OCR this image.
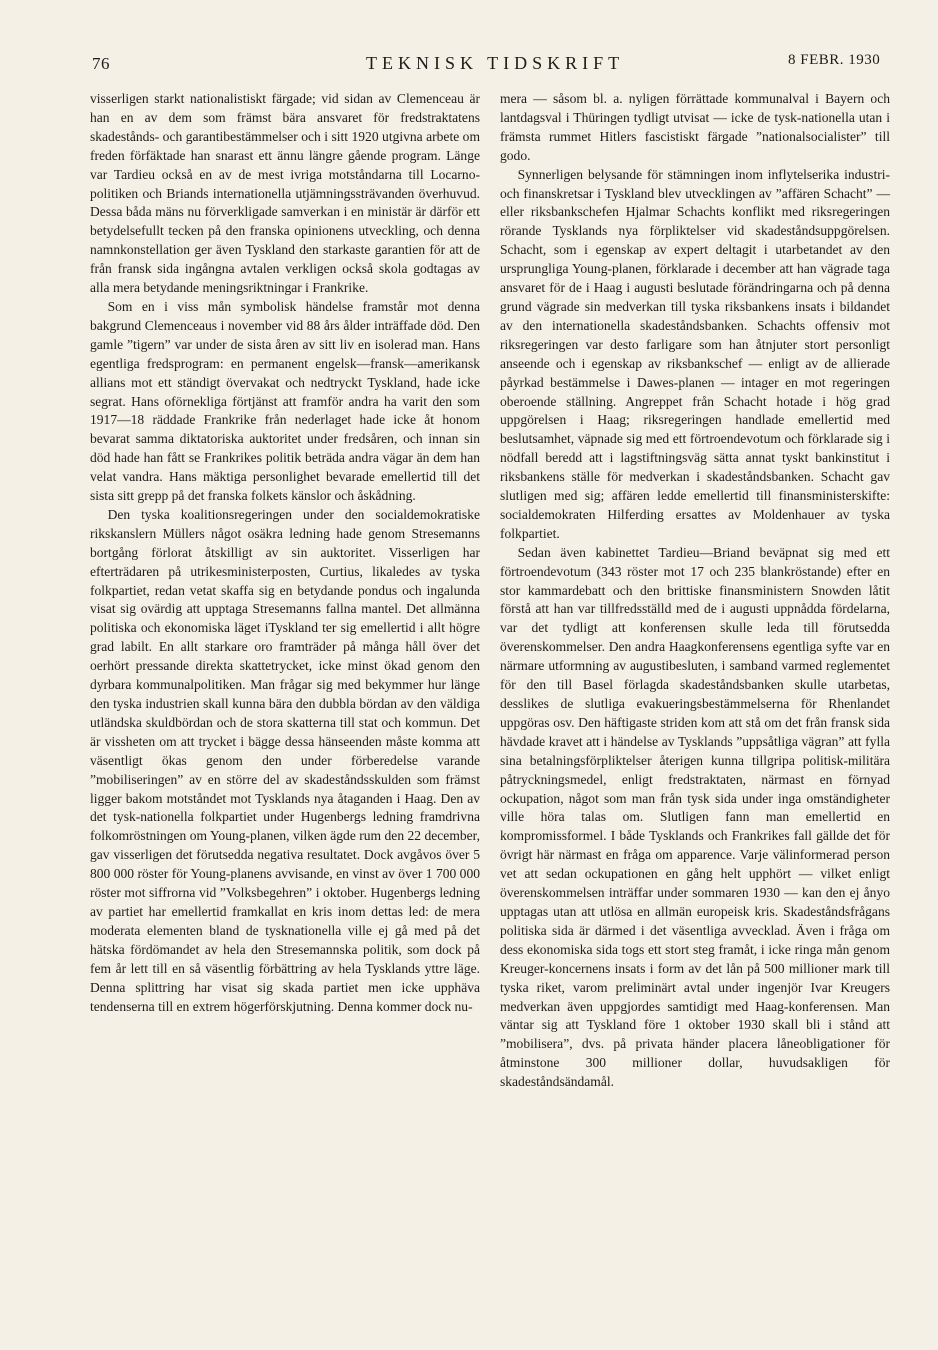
76	TEKNISK TIDSKRIFT	8 FEBR. 1930

visserligen starkt nationalistiskt färgade; vid sidan av Clemenceau är han en av dem som främst bära ansvaret för fredstraktatens skadestånds- och garantibestämmelser och i sitt 1920 utgivna arbete om freden förfäktade han snarast ett ännu längre gående program. Länge var Tardieu också en av de mest ivriga motståndarna till Locarno-politiken och Briands internationella utjämningssträvanden överhuvud. Dessa båda mäns nu förverkligade samverkan i en ministär är därför ett betydelsefullt tecken på den franska opinionens utveckling, och denna namnkonstellation ger även Tyskland den starkaste garantien för att de från fransk sida ingångna avtalen verkligen också skola godtagas av alla mera betydande meningsriktningar i Frankrike.

Som en i viss mån symbolisk händelse framstår mot denna bakgrund Clemenceaus i november vid 88 års ålder inträffade död. Den gamle ”tigern” var under de sista åren av sitt liv en isolerad man. Hans egentliga fredsprogram: en permanent engelsk—fransk—amerikansk allians mot ett ständigt övervakat och nedtryckt Tyskland, hade icke segrat. Hans oförnekliga förtjänst att framför andra ha varit den som 1917—18 räddade Frankrike från nederlaget hade icke åt honom bevarat samma diktatoriska auktoritet under fredsåren, och innan sin död hade han fått se Frankrikes politik beträda andra vägar än dem han velat vandra. Hans mäktiga personlighet bevarade emellertid till det sista sitt grepp på det franska folkets känslor och åskådning.

Den tyska koalitionsregeringen under den socialdemokratiske rikskanslern Müllers något osäkra ledning hade genom Stresemanns bortgång förlorat åtskilligt av sin auktoritet. Visserligen har efterträdaren på utrikesministerposten, Curtius, likaledes av tyska folkpartiet, redan vetat skaffa sig en betydande pondus och ingalunda visat sig ovärdig att upptaga Stresemanns fallna mantel. Det allmänna politiska och ekonomiska läget iTyskland ter sig emellertid i allt högre grad labilt. En allt starkare oro framträder på många håll över det oerhört pressande direkta skattetrycket, icke minst ökad genom den dyrbara kommunalpolitiken. Man frågar sig med bekymmer hur länge den tyska industrien skall kunna bära den dubbla bördan av den väldiga utländska skuldbördan och de stora skatterna till stat och kommun. Det är vissheten om att trycket i bägge dessa hänseenden måste komma att väsentligt ökas genom den under förberedelse varande ”mobiliseringen” av en större del av skadeståndsskulden som främst ligger bakom motståndet mot Tysklands nya åtaganden i Haag. Den av det tysk-nationella folkpartiet under Hugenbergs ledning framdrivna folkomröstningen om Young-planen, vilken ägde rum den 22 december, gav visserligen det förutsedda negativa resultatet. Dock avgåvos över 5 800 000 röster för Young-planens avvisande, en vinst av över 1 700 000 röster mot siffrorna vid ”Volksbegehren” i oktober. Hugenbergs ledning av partiet har emellertid framkallat en kris inom dettas led: de mera moderata elementen bland de tysknationella ville ej gå med på det hätska fördömandet av hela den Stresemannska politik, som dock på fem år lett till en så väsentlig förbättring av hela Tysklands yttre läge. Denna splittring har visat sig skada partiet men icke upphäva tendenserna till en extrem högerförskjutning. Denna kommer dock nu-

mera — såsom bl. a. nyligen förrättade kommunalval i Bayern och lantdagsval i Thüringen tydligt utvisat — icke de tysk-nationella utan i främsta rummet Hitlers fascistiskt färgade ”nationalsocialister” till godo.

Synnerligen belysande för stämningen inom inflytelserika industri- och finanskretsar i Tyskland blev utvecklingen av ”affären Schacht” — eller riksbankschefen Hjalmar Schachts konflikt med riksregeringen rörande Tysklands nya förpliktelser vid skadeståndsuppgörelsen. Schacht, som i egenskap av expert deltagit i utarbetandet av den ursprungliga Young-planen, förklarade i december att han vägrade taga ansvaret för de i Haag i augusti beslutade förändringarna och på denna grund vägrade sin medverkan till tyska riksbankens insats i bildandet av den internationella skadeståndsbanken. Schachts offensiv mot riksregeringen var desto farligare som han åtnjuter stort personligt anseende och i egenskap av riksbankschef — enligt av de allierade påyrkad bestämmelse i Dawes-planen — intager en mot regeringen oberoende ställning. Angreppet från Schacht hotade i hög grad uppgörelsen i Haag; riksregeringen handlade emellertid med beslutsamhet, väpnade sig med ett förtroendevotum och förklarade sig i nödfall beredd att i lagstiftningsväg sätta annat tyskt bankinstitut i riksbankens ställe för medverkan i skadeståndsbanken. Schacht gav slutligen med sig; affären ledde emellertid till finansministerskifte: socialdemokraten Hilferding ersattes av Moldenhauer av tyska folkpartiet.

Sedan även kabinettet Tardieu—Briand beväpnat sig med ett förtroendevotum (343 röster mot 17 och 235 blankröstande) efter en stor kammardebatt och den brittiske finansministern Snowden låtit förstå att han var tillfredsställd med de i augusti uppnådda fördelarna, var det tydligt att konferensen skulle leda till förutsedda överenskommelser. Den andra Haagkonferensens egentliga syfte var en närmare utformning av augustibesluten, i samband varmed reglementet för den till Basel förlagda skadeståndsbanken skulle utarbetas, desslikes de slutliga evakueringsbestämmelserna för Rhenlandet uppgöras osv. Den häftigaste striden kom att stå om det från fransk sida hävdade kravet att i händelse av Tysklands ”uppsåtliga vägran” att fylla sina betalningsförpliktelser återigen kunna tillgripa politisk-militära påtryckningsmedel, enligt fredstraktaten, närmast en förnyad ockupation, något som man från tysk sida under inga omständigheter ville höra talas om. Slutligen fann man emellertid en kompromissformel. I både Tysklands och Frankrikes fall gällde det för övrigt här närmast en fråga om apparence. Varje välinformerad person vet att sedan ockupationen en gång helt upphört — vilket enligt överenskommelsen inträffar under sommaren 1930 — kan den ej ånyo upptagas utan att utlösa en allmän europeisk kris. Skadeståndsfrågans politiska sida är därmed i det väsentliga avvecklad. Även i fråga om dess ekonomiska sida togs ett stort steg framåt, i icke ringa mån genom Kreuger-koncernens insats i form av det lån på 500 millioner mark till tyska riket, varom preliminärt avtal under ingenjör Ivar Kreugers medverkan även uppgjordes samtidigt med Haag-konferensen. Man väntar sig att Tyskland före 1 oktober 1930 skall bli i stånd att ”mobilisera”, dvs. på privata händer placera låneobligationer för åtminstone 300 millioner dollar, huvudsakligen för skadeståndsändamål.
